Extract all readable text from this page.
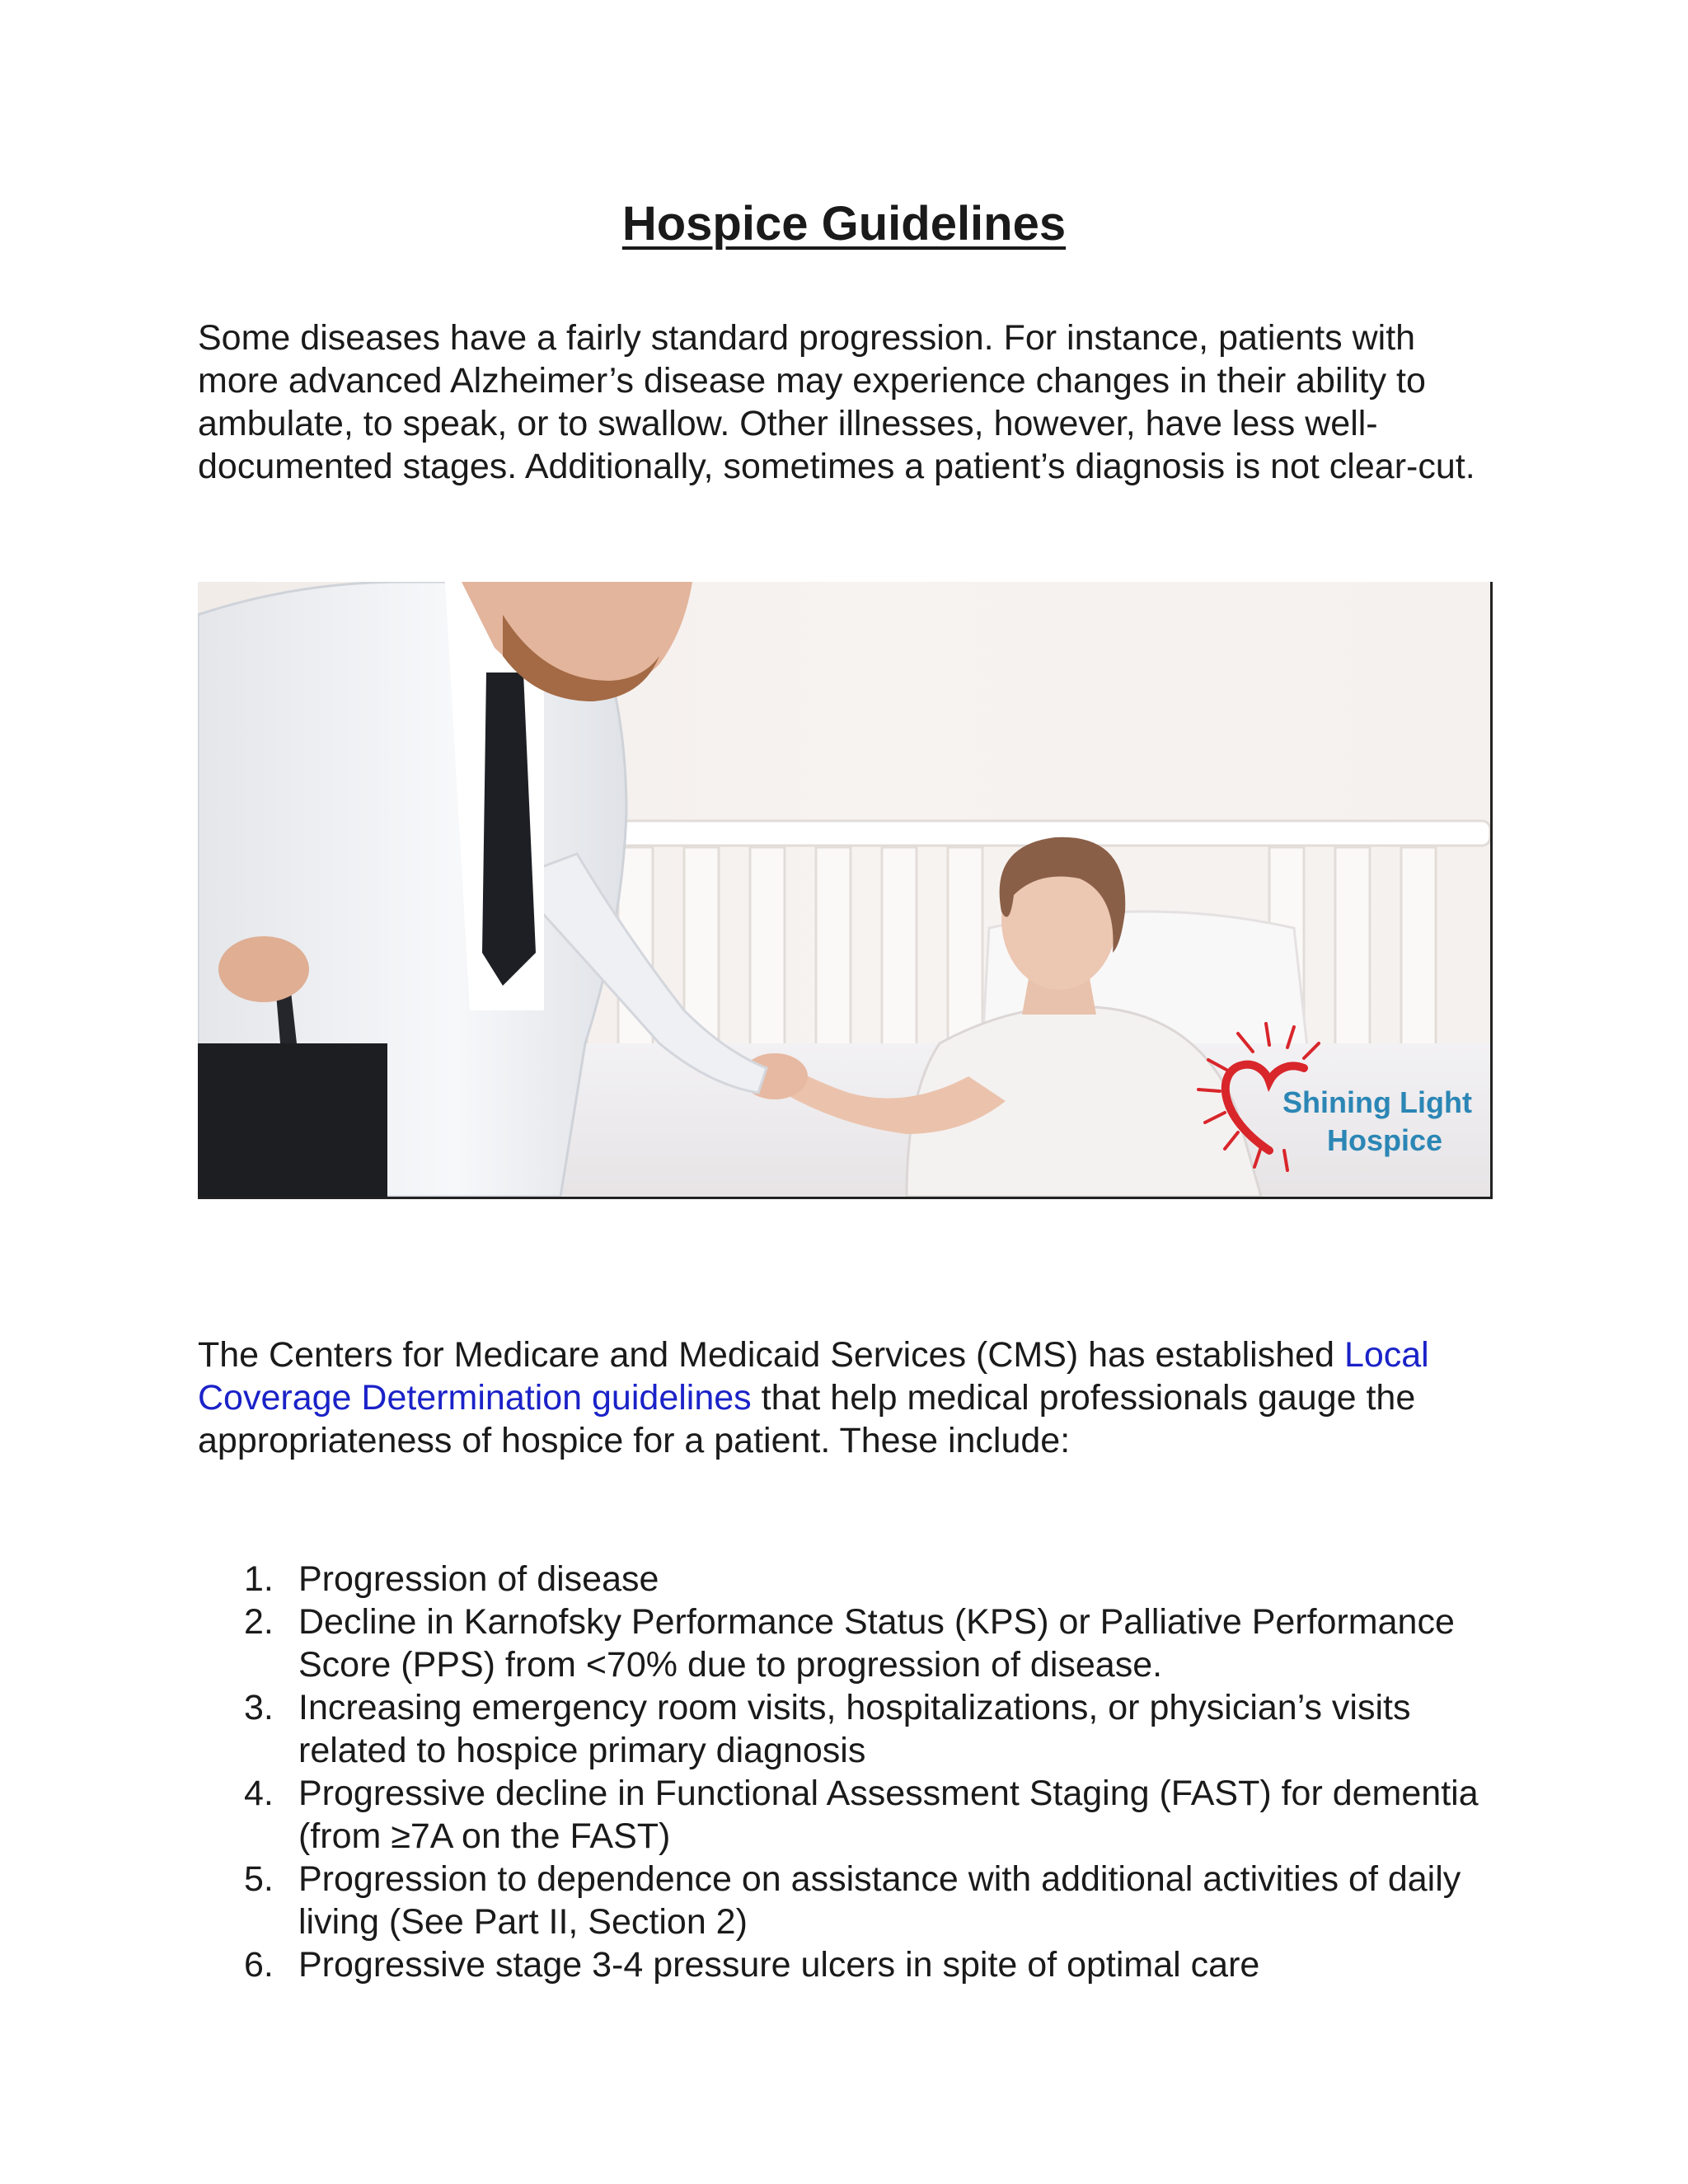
Hospice Guidelines

Some diseases have a fairly standard progression. For instance, patients with more advanced Alzheimer’s disease may experience changes in their ability to ambulate, to speak, or to swallow. Other illnesses, however, have less well-documented stages. Additionally, sometimes a patient’s diagnosis is not clear-cut.

Shining Light
Hospice

The Centers for Medicare and Medicaid Services (CMS) has established Local Coverage Determination guidelines that help medical professionals gauge the appropriateness of hospice for a patient. These include:

1. Progression of disease
2. Decline in Karnofsky Performance Status (KPS) or Palliative Performance Score (PPS) from <70% due to progression of disease.
3. Increasing emergency room visits, hospitalizations, or physician’s visits related to hospice primary diagnosis
4. Progressive decline in Functional Assessment Staging (FAST) for dementia (from ≥7A on the FAST)
5. Progression to dependence on assistance with additional activities of daily living (See Part II, Section 2)
6. Progressive stage 3-4 pressure ulcers in spite of optimal care
